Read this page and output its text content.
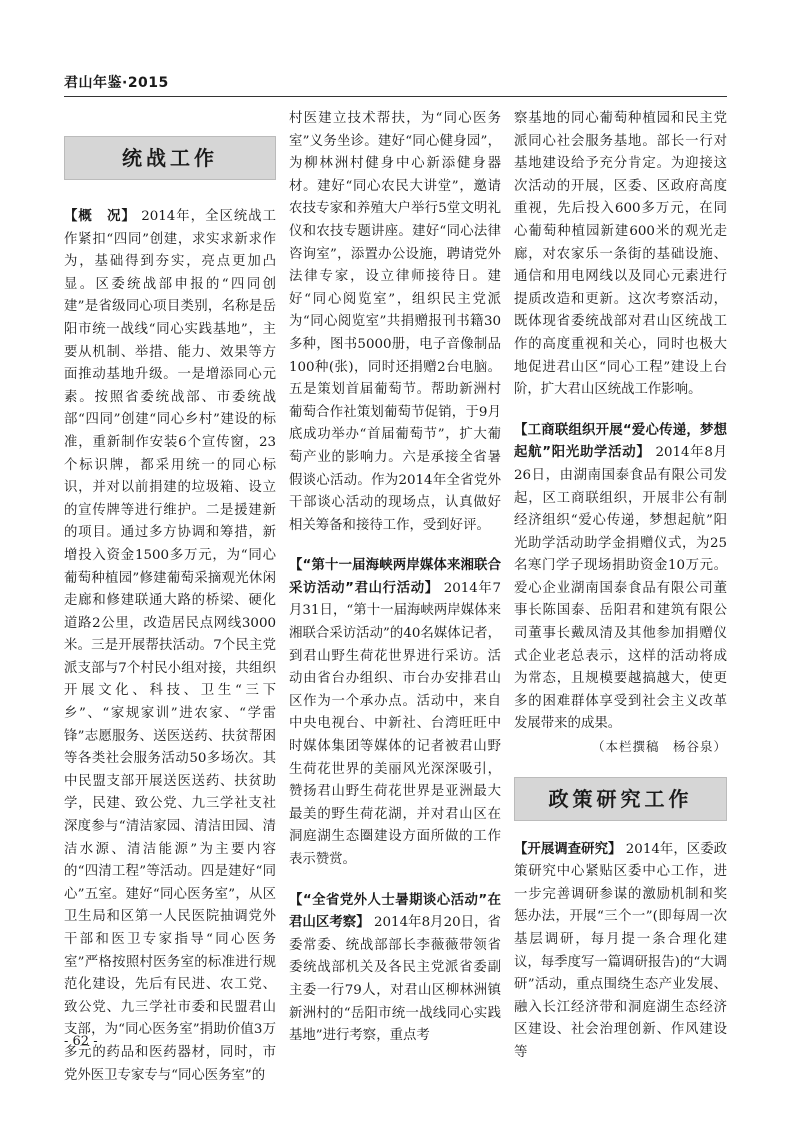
君山年鉴·2015
统战工作

【概　况】 2014年，全区统战工作紧扣“四同”创建，求实求新求作为，基础得到夯实，亮点更加凸显。区委统战部申报的“四同创建”是省级同心项目类别，名称是岳阳市统一战线“同心实践基地”，主要从机制、举措、能力、效果等方面推动基地升级。一是增添同心元素。按照省委统战部、市委统战部“四同”创建“同心乡村”建设的标准，重新制作安装6个宣传窗，23个标识牌，都采用统一的同心标识，并对以前捐建的垃圾箱、设立的宣传牌等进行维护。二是援建新的项目。通过多方协调和筹措，新增投入资金1500多万元，为“同心葡萄种植园”修建葡萄采摘观光休闲走廊和修建联通大路的桥梁、硬化道路2公里，改造居民点网线3000米。三是开展帮扶活动。7个民主党派支部与7个村民小组对接，共组织开展文化、科技、卫生“三下乡”、“家规家训”进农家、“学雷锋”志愿服务、送医送药、扶贫帮困等各类社会服务活动50多场次。其中民盟支部开展送医送药、扶贫助学，民建、致公党、九三学社支社深度参与“清洁家园、清洁田园、清洁水源、清洁能源”为主要内容的“四清工程”等活动。四是建好“同心”五室。建好“同心医务室”，从区卫生局和区第一人民医院抽调党外干部和医卫专家指导“同心医务室”严格按照村医务室的标准进行规范化建设，先后有民进、农工党、致公党、九三学社市委和民盟君山支部，为“同心医务室”捐助价值3万多元的药品和医药器材，同时，市党外医卫专家专与“同心医务室”的

村医建立技术帮扶，为“同心医务室”义务坐诊。建好“同心健身园”，为柳林洲村健身中心新添健身器材。建好“同心农民大讲堂”，邀请农技专家和养殖大户举行5堂文明礼仪和农技专题讲座。建好“同心法律咨询室”，添置办公设施，聘请党外法律专家，设立律师接待日。建好“同心阅览室”，组织民主党派为“同心阅览室”共捐赠报刊书籍30多种，图书5000册，电子音像制品100种(张)，同时还捐赠2台电脑。五是策划首届葡萄节。帮助新洲村葡萄合作社策划葡萄节促销，于9月底成功举办“首届葡萄节”，扩大葡萄产业的影响力。六是承接全省暑假谈心活动。作为2014年全省党外干部谈心活动的现场点，认真做好相关筹备和接待工作，受到好评。

【“第十一届海峡两岸媒体来湘联合采访活动”君山行活动】 2014年7月31日，“第十一届海峡两岸媒体来湘联合采访活动”的40名媒体记者，到君山野生荷花世界进行采访。活动由省台办组织、市台办安排君山区作为一个承办点。活动中，来自中央电视台、中新社、台湾旺旺中时媒体集团等媒体的记者被君山野生荷花世界的美丽风光深深吸引，赞扬君山野生荷花世界是亚洲最大最美的野生荷花湖，并对君山区在洞庭湖生态圈建设方面所做的工作表示赞赏。

【“全省党外人士暑期谈心活动”在君山区考察】 2014年8月20日，省委常委、统战部部长李薇薇带领省委统战部机关及各民主党派省委副主委一行79人，对君山区柳林洲镇新洲村的“岳阳市统一战线同心实践基地”进行考察，重点考

察基地的同心葡萄种植园和民主党派同心社会服务基地。部长一行对基地建设给予充分肯定。为迎接这次活动的开展，区委、区政府高度重视，先后投入600多万元，在同心葡萄种植园新建600米的观光走廊，对农家乐一条街的基础设施、通信和用电网线以及同心元素进行提质改造和更新。这次考察活动，既体现省委统战部对君山区统战工作的高度重视和关心，同时也极大地促进君山区“同心工程”建设上台阶，扩大君山区统战工作影响。

【工商联组织开展“爱心传递，梦想起航”阳光助学活动】 2014年8月26日，由湖南国泰食品有限公司发起，区工商联组织，开展非公有制经济组织“爱心传递，梦想起航”阳光助学活动助学金捐赠仪式，为25名寒门学子现场捐助资金10万元。爱心企业湖南国泰食品有限公司董事长陈国泰、岳阳君和建筑有限公司董事长戴凤清及其他参加捐赠仪式企业老总表示，这样的活动将成为常态，且规模要越搞越大，使更多的困难群体享受到社会主义改革发展带来的成果。

（本栏撰稿　杨谷泉）

政策研究工作

【开展调查研究】 2014年，区委政策研究中心紧贴区委中心工作，进一步完善调研参谋的激励机制和奖惩办法，开展“三个一”(即每周一次基层调研，每月提一条合理化建议，每季度写一篇调研报告)的“大调研”活动，重点围绕生态产业发展、融入长江经济带和洞庭湖生态经济区建设、社会治理创新、作风建设等

- 62 -
